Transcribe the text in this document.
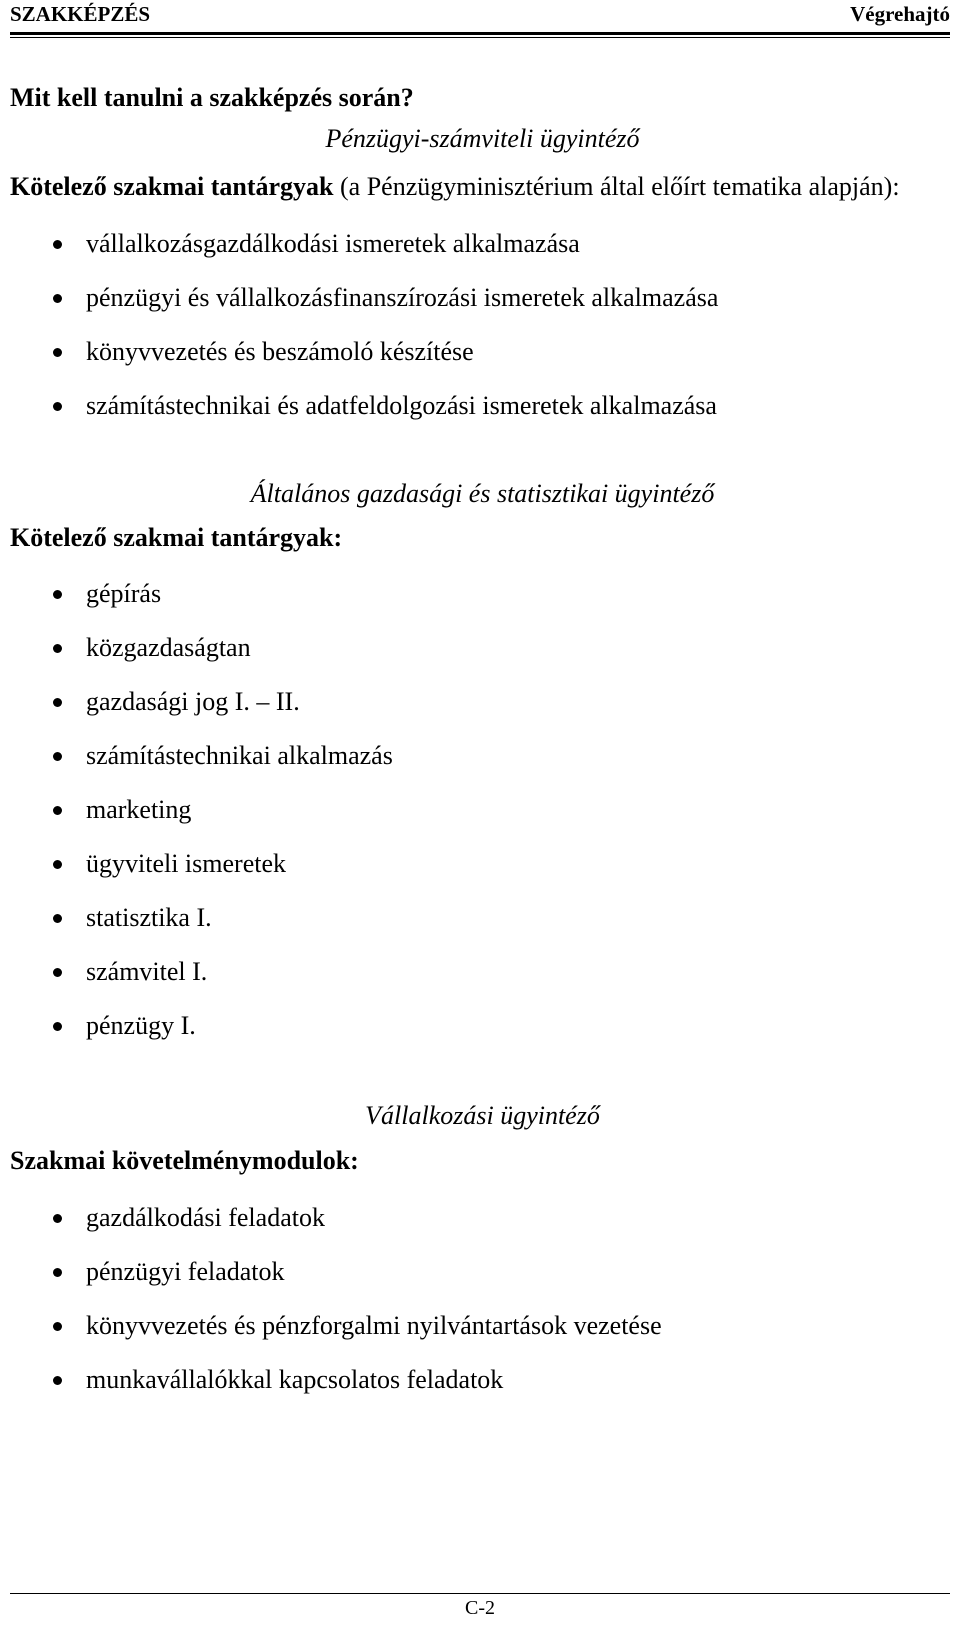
SZAKKÉPZÉS	Végrehajtó
Mit kell tanulni a szakképzés során?
Pénzügyi-számviteli ügyintéző
Kötelező szakmai tantárgyak (a Pénzügyminisztérium által előírt tematika alapján):
vállalkozásgazdálkodási ismeretek alkalmazása
pénzügyi és vállalkozásfinanszírozási ismeretek alkalmazása
könyvvezetés és beszámoló készítése
számítástechnikai és adatfeldolgozási ismeretek alkalmazása
Általános gazdasági és statisztikai ügyintéző
Kötelező szakmai tantárgyak:
gépírás
közgazdaságtan
gazdasági jog I. – II.
számítástechnikai alkalmazás
marketing
ügyviteli ismeretek
statisztika I.
számvitel I.
pénzügy I.
Vállalkozási ügyintéző
Szakmai követelménymodulok:
gazdálkodási feladatok
pénzügyi feladatok
könyvvezetés és pénzforgalmi nyilvántartások vezetése
munkavállalókkal kapcsolatos feladatok
C-2
